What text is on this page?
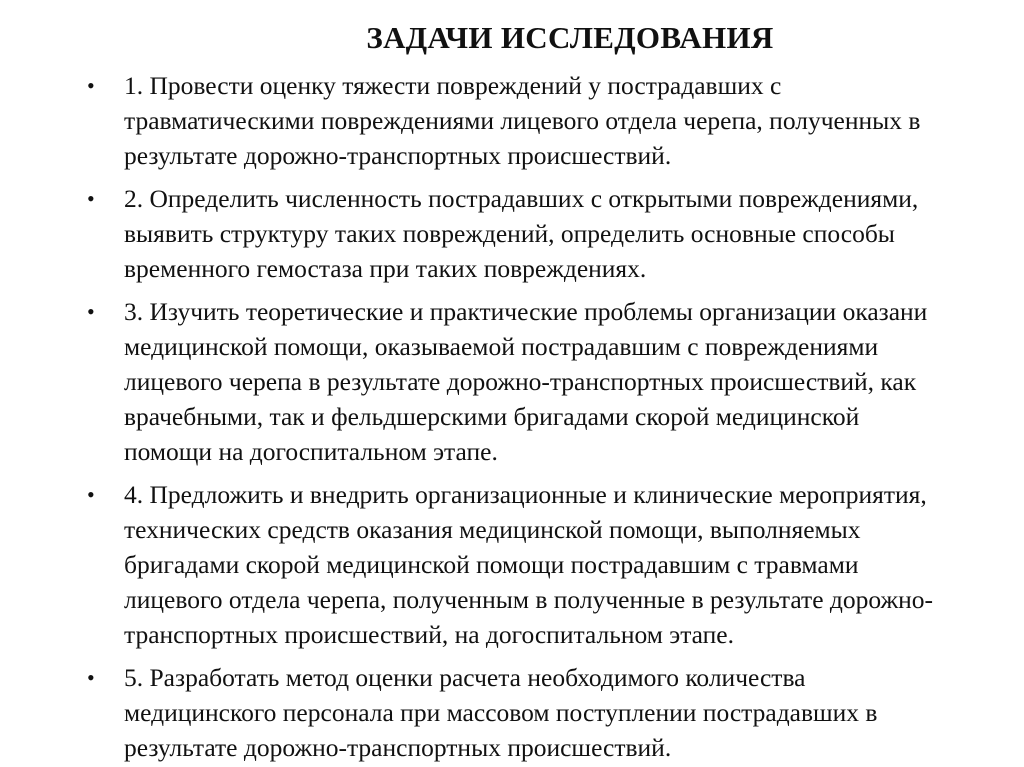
ЗАДАЧИ ИССЛЕДОВАНИЯ
• 1. Провести оценку тяжести повреждений у пострадавших с
травматическими повреждениями лицевого отдела черепа, полученных в
результате дорожно-транспортных происшествий.
• 2. Определить численность пострадавших с открытыми повреждениями,
выявить структуру таких повреждений, определить основные способы
временного гемостаза при таких повреждениях.
• 3. Изучить теоретические и практические проблемы организации оказани
медицинской помощи, оказываемой пострадавшим с повреждениями
лицевого черепа в результате дорожно-транспортных происшествий, как
врачебными, так и фельдшерскими бригадами скорой медицинской
помощи на догоспитальном этапе.
• 4. Предложить и внедрить организационные и клинические мероприятия,
технических средств оказания медицинской помощи, выполняемых
бригадами скорой медицинской помощи пострадавшим с травмами
лицевого отдела черепа, полученным в полученные в результате дорожно-
транспортных происшествий, на догоспитальном этапе.
• 5. Разработать метод оценки расчета необходимого количества
медицинского персонала при массовом поступлении пострадавших в
результате дорожно-транспортных происшествий.
